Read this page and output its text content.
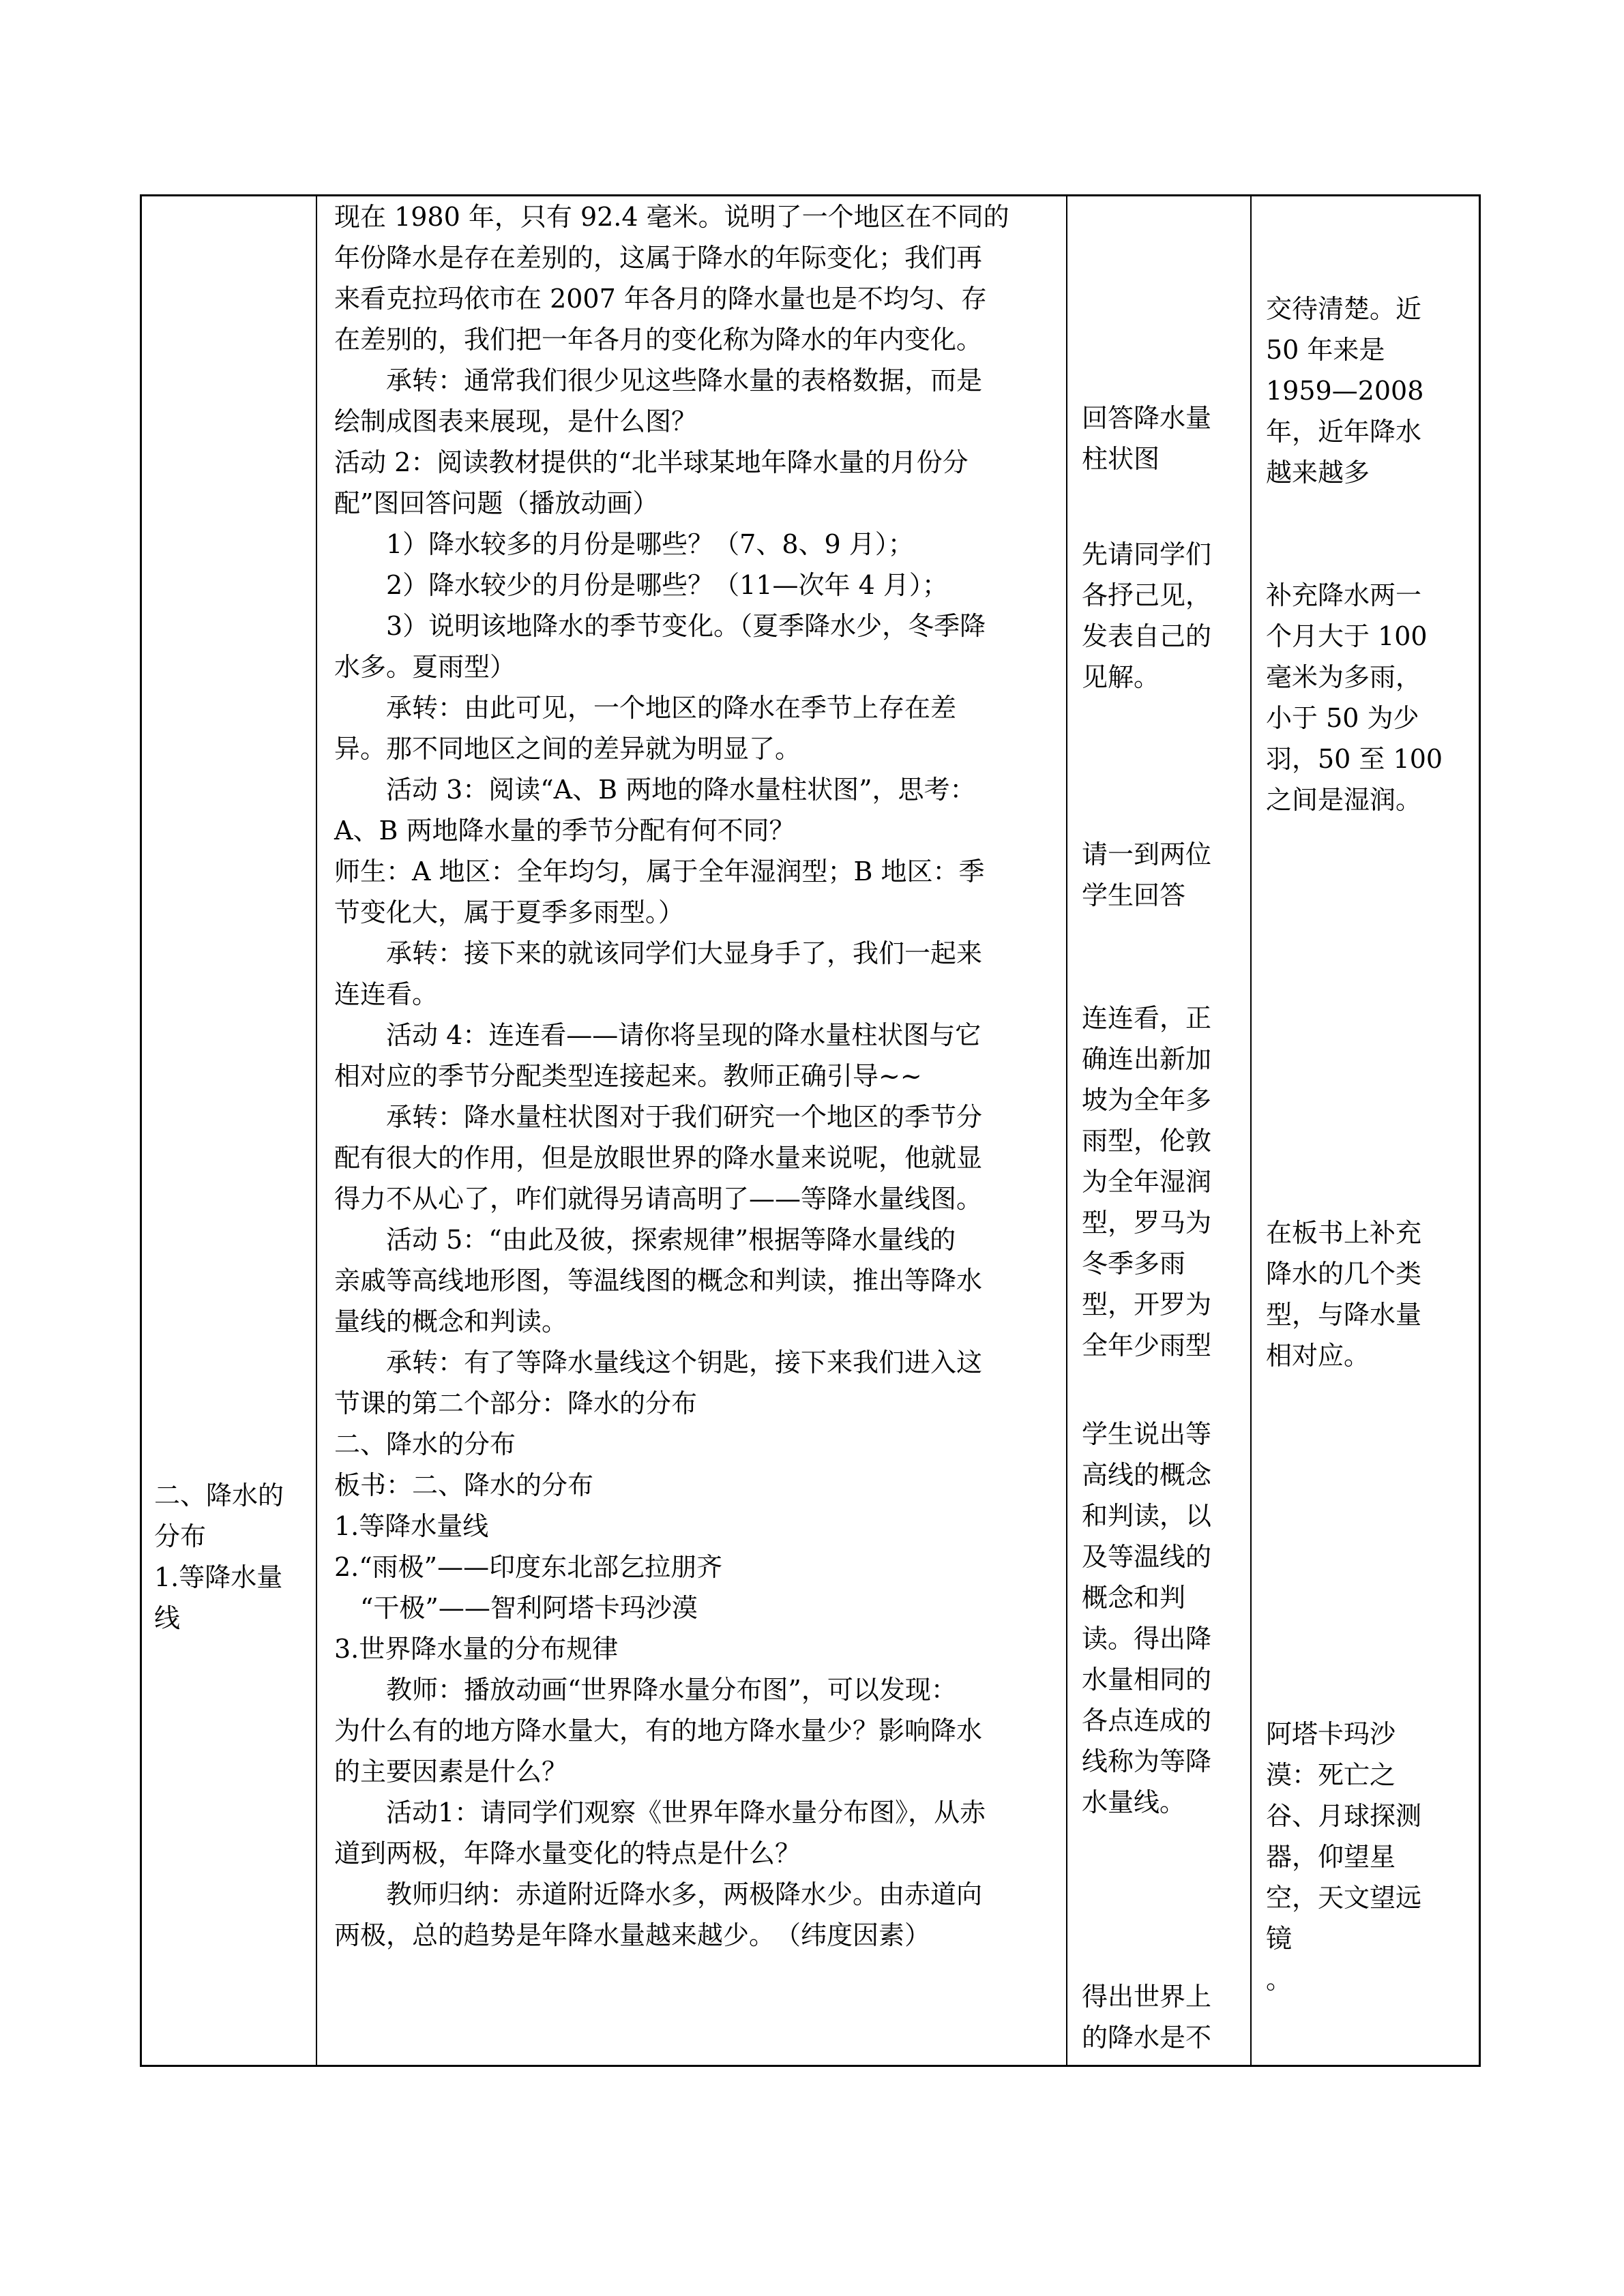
二、降水的

分布

1.等降水量

线

现在 1980 年，只有 92.4 毫米。说明了一个地区在不同的

年份降水是存在差别的，这属于降水的年际变化；我们再

来看克拉玛依市在 2007 年各月的降水量也是不均匀、存

在差别的，我们把一年各月的变化称为降水的年内变化。

承转：通常我们很少见这些降水量的表格数据，而是

绘制成图表来展现，是什么图？

活动 2：阅读教材提供的“北半球某地年降水量的月份分

配”图回答问题（播放动画）

1）降水较多的月份是哪些？（7、8、9 月）；

2）降水较少的月份是哪些？（11—次年 4 月）；

3）说明该地降水的季节变化。（夏季降水少，冬季降

水多。夏雨型）

承转：由此可见，一个地区的降水在季节上存在差

异。那不同地区之间的差异就为明显了。

活动 3：阅读“A、B 两地的降水量柱状图”，思考：

A、B 两地降水量的季节分配有何不同？

师生：A 地区：全年均匀，属于全年湿润型；B 地区：季

节变化大，属于夏季多雨型。）

承转：接下来的就该同学们大显身手了，我们一起来

连连看。

活动 4：连连看——请你将呈现的降水量柱状图与它

相对应的季节分配类型连接起来。教师正确引导~~

承转：降水量柱状图对于我们研究一个地区的季节分

配有很大的作用，但是放眼世界的降水量来说呢，他就显

得力不从心了，咋们就得另请高明了——等降水量线图。

活动 5：“由此及彼，探索规律”根据等降水量线的

亲戚等高线地形图，等温线图的概念和判读，推出等降水

量线的概念和判读。

承转：有了等降水量线这个钥匙，接下来我们进入这

节课的第二个部分：降水的分布

二、降水的分布

板书：二、降水的分布

1.等降水量线

2.“雨极”——印度东北部乞拉朋齐

“干极”——智利阿塔卡玛沙漠

3.世界降水量的分布规律

教师：播放动画“世界降水量分布图”，可以发现：

为什么有的地方降水量大，有的地方降水量少？影响降水

的主要因素是什么？

活动1：请同学们观察《世界年降水量分布图》，从赤

道到两极，年降水量变化的特点是什么？

教师归纳：赤道附近降水多，两极降水少。由赤道向

两极，总的趋势是年降水量越来越少。　（纬度因素）

回答降水量

柱状图

先请同学们

各抒己见，

发表自己的

见解。

请一到两位

学生回答

连连看，正

确连出新加

坡为全年多

雨型，伦敦

为全年湿润

型，罗马为

冬季多雨

型，开罗为

全年少雨型

学生说出等

高线的概念

和判读，以

及等温线的

概念和判

读。得出降

水量相同的

各点连成的

线称为等降

水量线。

得出世界上

的降水是不

交待清楚。近

50 年来是

1959—2008

年，近年降水

越来越多

补充降水两一

个月大于 100

毫米为多雨，

小于 50 为少

羽，50 至 100

之间是湿润。

在板书上补充

降水的几个类

型，与降水量

相对应。

阿塔卡玛沙

漠：死亡之

谷、月球探测

器，仰望星

空，天文望远

镜

。
